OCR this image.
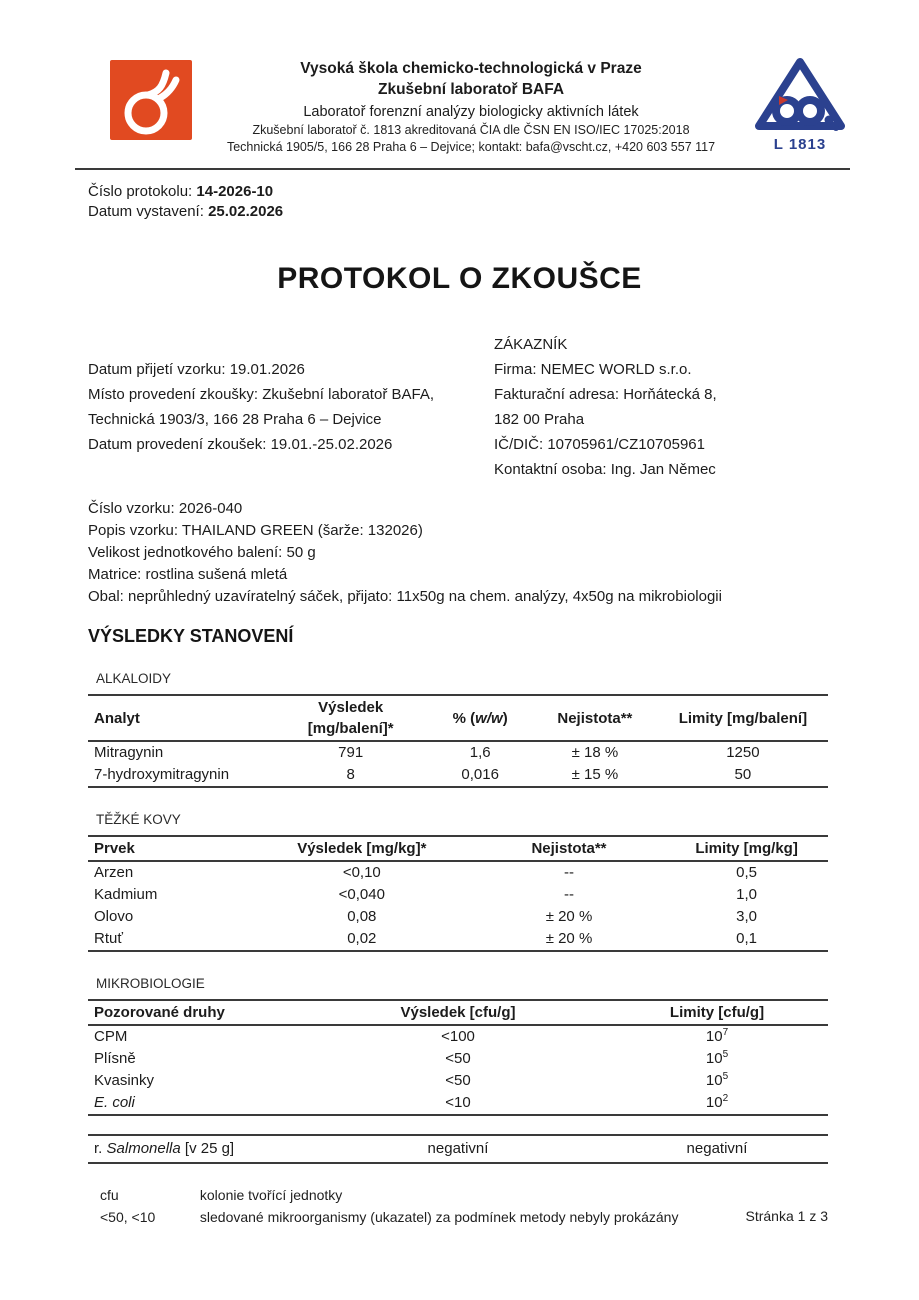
Vysoká škola chemicko-technologická v Praze
Zkušební laboratoř BAFA
Laboratoř forenzní analýzy biologicky aktivních látek
Zkušební laboratoř č. 1813 akreditovaná ČIA dle ČSN EN ISO/IEC 17025:2018
Technická 1905/5, 166 28 Praha 6 – Dejvice; kontakt: bafa@vscht.cz, +420 603 557 117	L 1813
Číslo protokolu: 14-2026-10
Datum vystavení: 25.02.2026
PROTOKOL O ZKOUŠCE
Datum přijetí vzorku: 19.01.2026
Místo provedení zkoušky: Zkušební laboratoř BAFA,
Technická 1903/3, 166 28 Praha 6 – Dejvice
Datum provedení zkoušek: 19.01.-25.02.2026
ZÁKAZNÍK
Firma: NEMEC WORLD s.r.o.
Fakturační adresa: Horňátecká 8,
182 00 Praha
IČ/DIČ: 10705961/CZ10705961
Kontaktní osoba: Ing. Jan Němec
Číslo vzorku: 2026-040
Popis vzorku: THAILAND GREEN (šarže: 132026)
Velikost jednotkového balení: 50 g
Matrice: rostlina sušená mletá
Obal: neprůhledný uzavíratelný sáček, přijato: 11x50g na chem. analýzy, 4x50g na mikrobiologii
VÝSLEDKY STANOVENÍ
ALKALOIDY
Analyt	Výsledek [mg/balení]*	% (w/w)	Nejistota**	Limity [mg/balení]
Mitragynin	791	1,6	± 18 %	1250
7-hydroxymitragynin	8	0,016	± 15 %	50
TĚŽKÉ KOVY
Prvek	Výsledek [mg/kg]*	Nejistota**	Limity [mg/kg]
Arzen	<0,10	--	0,5
Kadmium	<0,040	--	1,0
Olovo	0,08	± 20 %	3,0
Rtuť	0,02	± 20 %	0,1
MIKROBIOLOGIE
Pozorované druhy	Výsledek [cfu/g]	Limity [cfu/g]
CPM	<100	$10^7$
Plísně	<50	$10^5$
Kvasinky	<50	$10^5$
E. coli	<10	$10^2$
r. Salmonella [v 25 g]	negativní	negativní
cfu	kolonie tvořící jednotky
<50, <10	sledované mikroorganismy (ukazatel) za podmínek metody nebyly prokázány	Stránka 1 z 3
